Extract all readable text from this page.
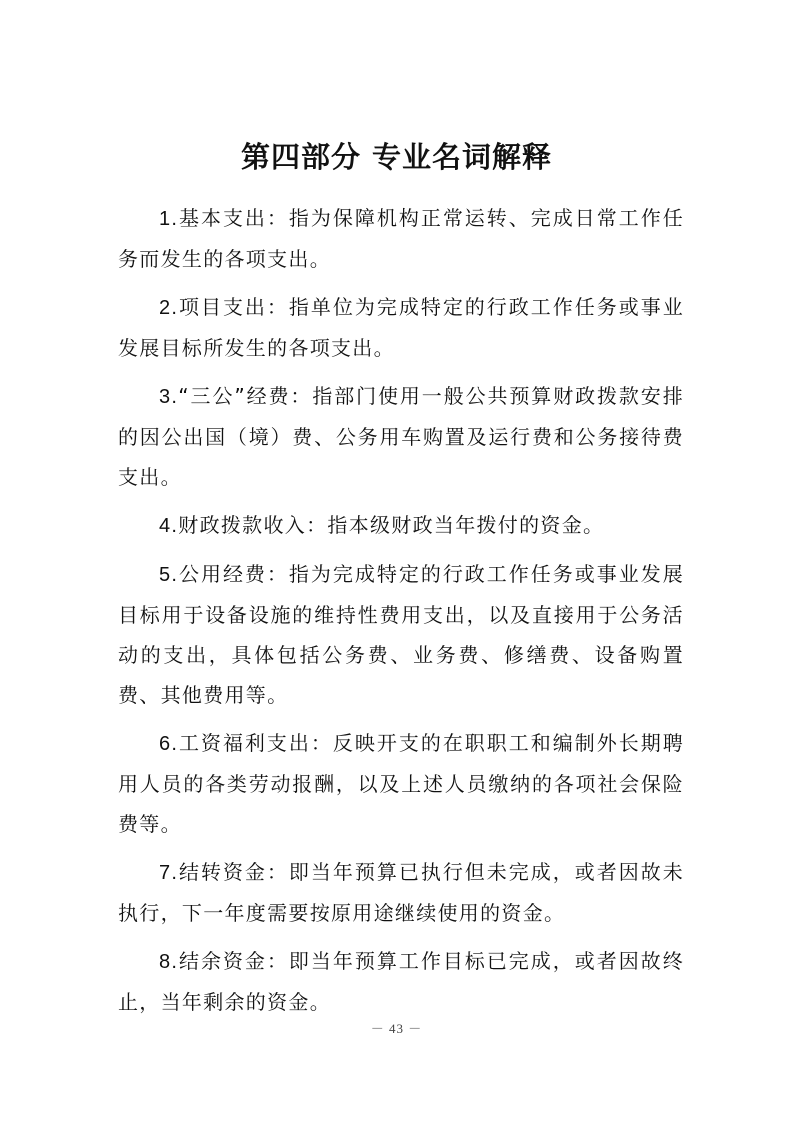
第四部分 专业名词解释

1.基本支出：指为保障机构正常运转、完成日常工作任务而发生的各项支出。

2.项目支出：指单位为完成特定的行政工作任务或事业发展目标所发生的各项支出。

3.“三公”经费：指部门使用一般公共预算财政拨款安排的因公出国（境）费、公务用车购置及运行费和公务接待费支出。

4.财政拨款收入：指本级财政当年拨付的资金。

5.公用经费：指为完成特定的行政工作任务或事业发展目标用于设备设施的维持性费用支出，以及直接用于公务活动的支出，具体包括公务费、业务费、修缮费、设备购置费、其他费用等。

6.工资福利支出：反映开支的在职职工和编制外长期聘用人员的各类劳动报酬，以及上述人员缴纳的各项社会保险费等。

7.结转资金：即当年预算已执行但未完成，或者因故未执行，下一年度需要按原用途继续使用的资金。

8.结余资金：即当年预算工作目标已完成，或者因故终止，当年剩余的资金。

－ 43 －
